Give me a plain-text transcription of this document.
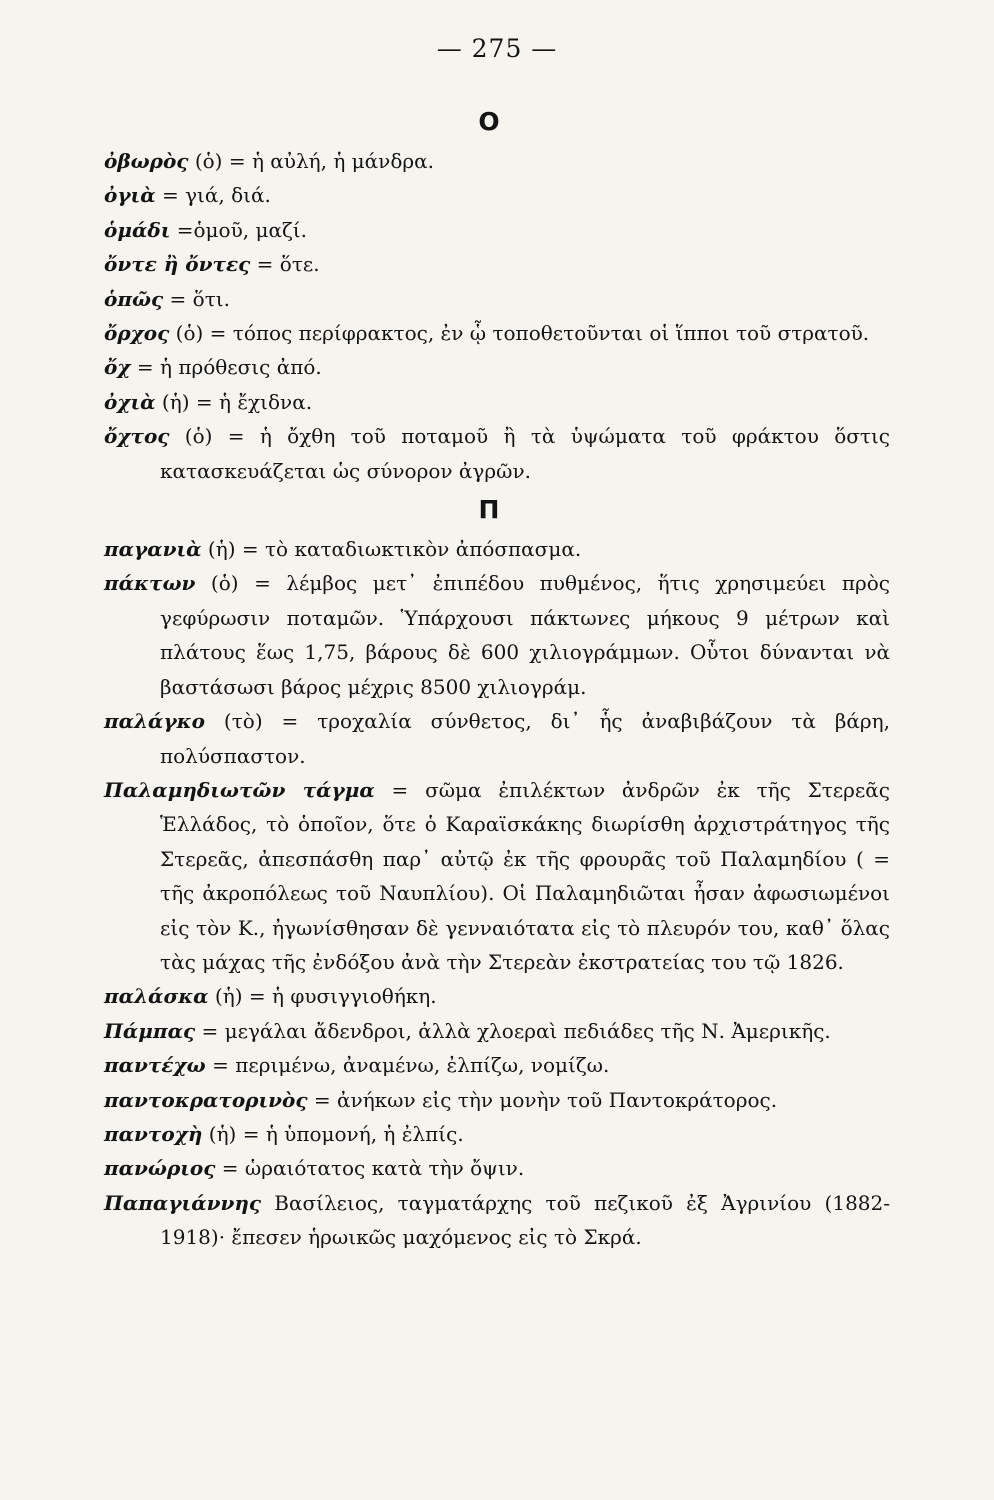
— 275 —
Ο
ὀβωρὸς (ὁ) = ἡ αὐλή, ἡ μάνδρα.
ὀγιὰ = γιά, διά.
ὁμάδι =ὁμοῦ, μαζί.
ὄντε ἢ ὄντες = ὅτε.
ὁπῶς = ὅτι.
ὄρχος (ὁ) = τόπος περίφρακτος, ἐν ᾧ τοποθετοῦνται οἱ ἵπποι τοῦ στρατοῦ.
ὄχ = ἡ πρόθεσις ἀπό.
ὀχιὰ (ἡ) = ἡ ἔχιδνα.
ὄχτος (ὁ) = ἡ ὄχθη τοῦ ποταμοῦ ἢ τὰ ὑψώματα τοῦ φράκτου ὅστις κατασκευάζεται ὡς σύνορον ἀγρῶν.
Π
παγανιὰ (ἡ) = τὸ καταδιωκτικὸν ἀπόσπασμα.
πάκτων (ὁ) = λέμβος μετ᾽ ἐπιπέδου πυθμένος, ἥτις χρησιμεύει πρὸς γεφύρωσιν ποταμῶν. Ὑπάρχουσι πάκτωνες μήκους 9 μέτρων καὶ πλάτους ἕως 1,75, βάρους δὲ 600 χιλιογράμμων. Οὗτοι δύνανται νὰ βαστάσωσι βάρος μέχρις 8500 χιλιογράμ.
παλάγκο (τὸ) = τροχαλία σύνθετος, δι᾽ ἧς ἀναβιβάζουν τὰ βάρη, πολύσπαστον.
Παλαμηδιωτῶν τάγμα = σῶμα ἐπιλέκτων ἀνδρῶν ἐκ τῆς Στερεᾶς Ἑλλάδος, τὸ ὁποῖον, ὅτε ὁ Καραϊσκάκης διωρίσθη ἀρχιστράτηγος τῆς Στερεᾶς, ἀπεσπάσθη παρ᾽ αὐτῷ ἐκ τῆς φρουρᾶς τοῦ Παλαμηδίου ( = τῆς ἀκροπόλεως τοῦ Ναυπλίου). Οἱ Παλαμηδιῶται ἦσαν ἀφωσιωμένοι εἰς τὸν Κ., ἠγωνίσθησαν δὲ γενναιότατα εἰς τὸ πλευρόν του, καθ᾽ ὅλας τὰς μάχας τῆς ἐνδόξου ἀνὰ τὴν Στερεὰν ἐκστρατείας του τῷ 1826.
παλάσκα (ἡ) = ἡ φυσιγγιοθήκη.
Πάμπας = μεγάλαι ἄδενδροι, ἀλλὰ χλοεραὶ πεδιάδες τῆς Ν. Ἀμερικῆς.
παντέχω = περιμένω, ἀναμένω, ἐλπίζω, νομίζω.
παντοκρατορινὸς = ἀνήκων εἰς τὴν μονὴν τοῦ Παντοκράτορος.
παντοχὴ (ἡ) = ἡ ὑπομονή, ἡ ἐλπίς.
πανώριος = ὡραιότατος κατὰ τὴν ὄψιν.
Παπαγιάννης Βασίλειος, ταγματάρχης τοῦ πεζικοῦ ἐξ Ἀγρινίου (1882-1918)· ἔπεσεν ἡρωικῶς μαχόμενος εἰς τὸ Σκρά.
